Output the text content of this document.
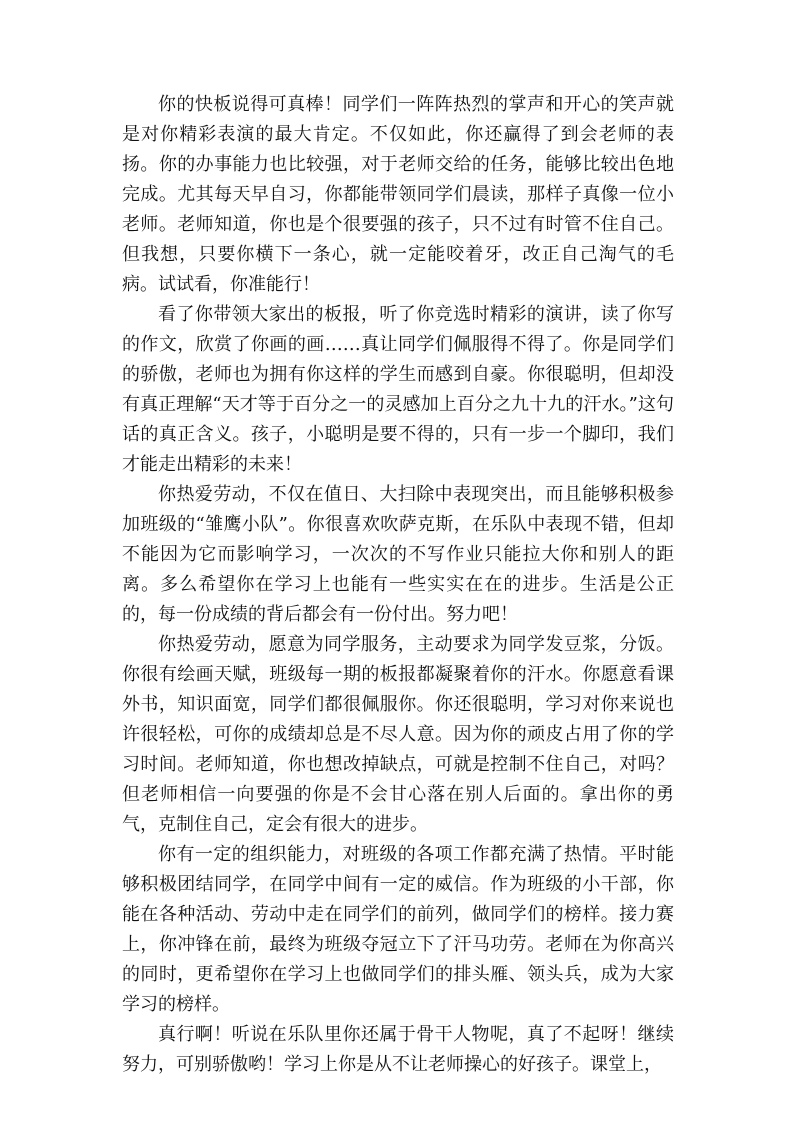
你的快板说得可真棒！同学们一阵阵热烈的掌声和开心的笑声就是对你精彩表演的最大肯定。不仅如此，你还赢得了到会老师的表扬。你的办事能力也比较强，对于老师交给的任务，能够比较出色地完成。尤其每天早自习，你都能带领同学们晨读，那样子真像一位小老师。老师知道，你也是个很要强的孩子，只不过有时管不住自己。但我想，只要你横下一条心，就一定能咬着牙，改正自己淘气的毛病。试试看，你准能行！

看了你带领大家出的板报，听了你竞选时精彩的演讲，读了你写的作文，欣赏了你画的画……真让同学们佩服得不得了。你是同学们的骄傲，老师也为拥有你这样的学生而感到自豪。你很聪明，但却没有真正理解“天才等于百分之一的灵感加上百分之九十九的汗水。”这句话的真正含义。孩子，小聪明是要不得的，只有一步一个脚印，我们才能走出精彩的未来！

你热爱劳动，不仅在值日、大扫除中表现突出，而且能够积极参加班级的“雏鹰小队”。你很喜欢吹萨克斯，在乐队中表现不错，但却不能因为它而影响学习，一次次的不写作业只能拉大你和别人的距离。多么希望你在学习上也能有一些实实在在的进步。生活是公正的，每一份成绩的背后都会有一份付出。努力吧！

你热爱劳动，愿意为同学服务，主动要求为同学发豆浆，分饭。你很有绘画天赋，班级每一期的板报都凝聚着你的汗水。你愿意看课外书，知识面宽，同学们都很佩服你。你还很聪明，学习对你来说也许很轻松，可你的成绩却总是不尽人意。因为你的顽皮占用了你的学习时间。老师知道，你也想改掉缺点，可就是控制不住自己，对吗？但老师相信一向要强的你是不会甘心落在别人后面的。拿出你的勇气，克制住自己，定会有很大的进步。

你有一定的组织能力，对班级的各项工作都充满了热情。平时能够积极团结同学，在同学中间有一定的威信。作为班级的小干部，你能在各种活动、劳动中走在同学们的前列，做同学们的榜样。接力赛上，你冲锋在前，最终为班级夺冠立下了汗马功劳。老师在为你高兴的同时，更希望你在学习上也做同学们的排头雁、领头兵，成为大家学习的榜样。

真行啊！听说在乐队里你还属于骨干人物呢，真了不起呀！继续努力，可别骄傲哟！学习上你是从不让老师操心的好孩子。课堂上，
